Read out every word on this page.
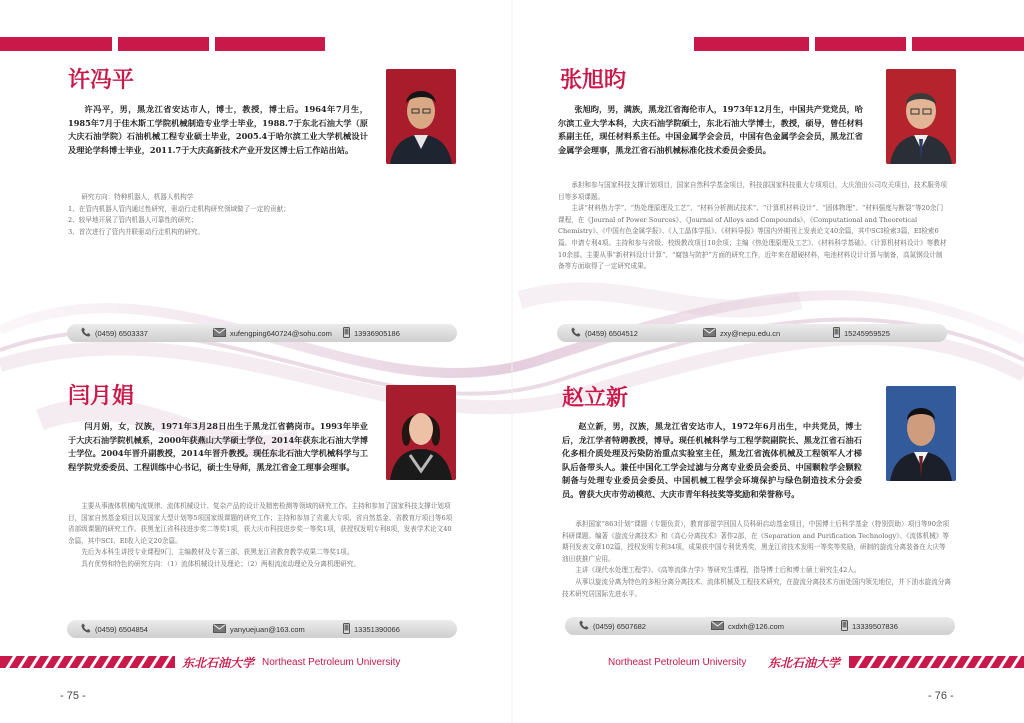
许冯平
许冯平，男，黑龙江省安达市人，博士，教授，博士后。1964年7月生，1985年7月于佳木斯工学院机械制造专业学士毕业，1988.7于东北石油大学（原大庆石油学院）石油机械工程专业硕士毕业，2005.4于哈尔滨工业大学机械设计及理论学科博士毕业，2011.7于大庆高新技术产业开发区博士后工作站出站。

研究方向：特种机器人，机器人机构学

1、在管内机器人管内通过性研究，驱动行走机构研究领域做了一定的贡献；

2、较早地开展了管内机器人可靠性的研究；

3、首次进行了管内并联驱动行走机构的研究。

(0459) 6503337	xufengping640724@sohu.com	13936905186
张旭昀
张旭昀，男，满族，黑龙江省海伦市人，1973年12月生，中国共产党党员，哈尔滨工业大学本科，大庆石油学院硕士，东北石油大学博士，教授，硕导，曾任材料系副主任，现任材料系主任。中国金属学会会员，中国有色金属学会会员，黑龙江省金属学会理事，黑龙江省石油机械标准化技术委员会委员。

承担和参与国家科技支撑计划项目，国家自然科学基金项目，科技部国家科技重大专项项目，大庆油田公司攻关项目，技术服务项目等多项课题。

主讲“材料热力学”、“热处理原理及工艺”、“材料分析测试技术”、“计算机材料设计”、“固体物理”、“材料强度与断裂”等20余门课程，在《Journal of Power Sources》、《Journal of Alloys and Compounds》、《Computational and Theoretical Chemistry》、《中国有色金属学报》、《人工晶体学报》、《材料导报》等国内外期刊上发表论文40余篇，其中SCI检索3篇，EI检索6篇。申请专利4项。主持和参与省级、校级教改项目10余项；主编《热处理原理及工艺》、《材料科学基础》、《计算机材料设计》等教材10余部。主要从事“新材料设计计算”、“腐蚀与防护”方面的研究工作，近年来在超硬材料，电池材料设计计算与制备，高氮钢设计制备等方面取得了一定研究成果。

(0459) 6504512	zxy@nepu.edu.cn	15245959525
闫月娟
闫月娟，女，汉族，1971年3月28日出生于黑龙江省鹤岗市。1993年毕业于大庆石油学院机械系，2000年获燕山大学硕士学位，2014年获东北石油大学博士学位。2004年晋升副教授，2014年晋升教授。现任东北石油大学机械科学与工程学院党委委员、工程训练中心书记，硕士生导师，黑龙江省金工理事会理事。

主要从事液体机械内流规律、流体机械设计、复杂产品的设计及精密检测等领域的研究工作。主持和参加了国家科技支撑计划项目，国家自然基金项目以及国家大型计划等5项国家级课题的研究工作；主持和参加了省重大专项、省自然基金、省教育厅项目等6项省部级课题的研究工作。获黑龙江省科技进步奖二等奖1项，获大庆市科技进步奖一等奖1项，获授权发明专利8项，发表学术论文40余篇，其中SCI、EI收入论文20余篇。

先后为本科生讲授专业课程9门，主编教材及专著三部，获黑龙江省教育教学成果二等奖1项。

具有优势和特色的研究方向：（1）流体机械设计及理论；（2）两相流流动理论及分离机理研究。

(0459) 6504854	yanyuejuan@163.com	13351390066
赵立新
赵立新，男，汉族，黑龙江省安达市人，1972年6月出生，中共党员，博士后，龙江学者特聘教授，博导。现任机械科学与工程学院副院长、黑龙江省石油石化多相介质处理及污染防治重点实验室主任，黑龙江省流体机械及工程领军人才梯队后备带头人。兼任中国化工学会过滤与分离专业委员会委员、中国颗粒学会颗粒制备与处理专业委员会委员、中国机械工程学会环境保护与绿色制造技术分会委员。曾获大庆市劳动模范、大庆市青年科技奖等奖励和荣誉称号。

承担国家“863计划”课题（专题负责），教育部留学回国人员科研启动基金项目，中国博士后科学基金（特别资助）项目等90余项科研课题。编著《旋流分离技术》和《高心分离技术》著作2部，在《Separation and Purification Technology》、《流体机械》等期刊发表文章102篇，授权发明专利34项，成果获中国专利优秀奖，黑龙江省技术发明一等奖等奖励，研制的旋流分离装备在大庆等油田获推广应用。

主讲《现代水处理工程学》、《高等流体力学》等研究生课程，指导博士后和博士硕士研究生42人。

从事以旋流分离为特色的多相分离分离技术、流体机械及工程技术研究，在旋流分离技术方面处国内领先地位，并下油水旋流分离技术研究居国际先进水平。

(0459) 6507682	cxdxh@126.com	13339507836
东北石油大学 Northeast Petroleum University
- 75 -
Northeast Petroleum University 东北石油大学
- 76 -
